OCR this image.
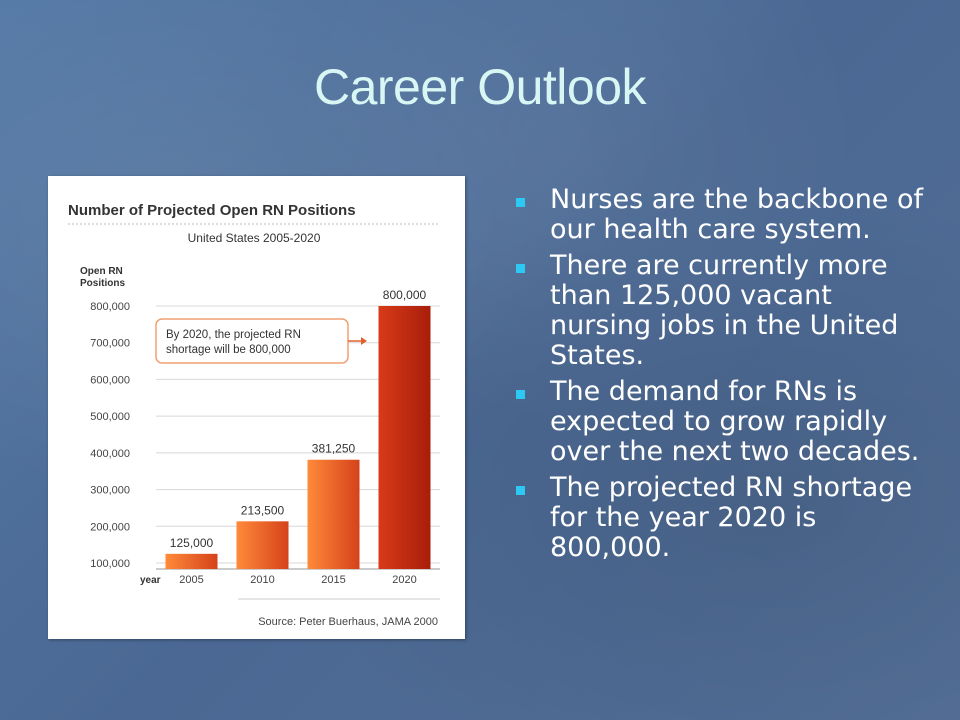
Career Outlook
Number of Projected Open RN Positions
United States 2005-2020
Open RN
Positions
100,000
200,000
300,000
400,000
500,000
600,000
700,000
800,000
125,000
213,500
381,250
800,000
2005	2010	2015	2020
year
By 2020, the projected RN
shortage will be 800,000
Source: Peter Buerhaus, JAMA 2000
Nurses are the backbone of our health care system.
There are currently more than 125,000 vacant nursing jobs in the United States.
The demand for RNs is expected to grow rapidly over the next two decades.
The projected RN shortage for the year 2020 is 800,000.
